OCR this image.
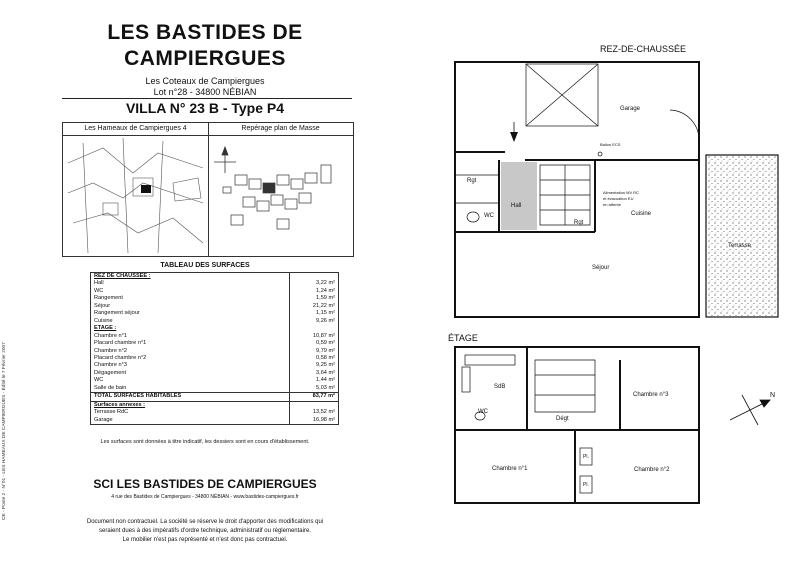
LES BASTIDES DE
CAMPIERGUES
Les Coteaux de Campiergues
Lot n°28 - 34800 NÉBIAN
VILLA N° 23 B - Type P4
Les Hameaux de Campiergues 4	Repérage plan de Masse
TABLEAU DES SURFACES
REZ DE CHAUSSEE :
Hall	3,22 m²
WC	1,24 m²
Rangement	1,59 m²
Séjour	21,22 m²
Rangement séjour	1,15 m²
Cuisine	9,26 m²
ETAGE :
Chambre n°1	10,87 m²
Placard chambre n°1	0,59 m²
Chambre n°2	9,79 m²
Placard chambre n°2	0,58 m²
Chambre n°3	9,25 m²
Dégagement	3,64 m²
WC	1,44 m²
Salle de bain	5,03 m²
TOTAL SURFACES HABITABLES	83,77 m²
Surfaces annexes :
Terrasse RdC	13,52 m²
Garage	16,98 m²
Les surfaces sont données à titre indicatif, les dessiers sont en cours d'établissement.
SCI LES BASTIDES DE CAMPIERGUES
4 rue des Bastides de Campiergues - 34800 NÉBIAN - www.bastides-campiergues.fr
Document non contractuel. La société se réserve le droit d'apporter des modifications qui
seraient dues à des impératifs d'ordre technique, administratif ou réglementaire.
Le mobilier n'est pas représenté et n'est donc pas contractuel.
CE - Poste 2 - N°01 - LES HAMEAUX DE CAMPIERGUES - Édité le 7 Février 2007
REZ-DE-CHAUSSÉE
Garage
Ballon ECS
Rgt
Hall
WC
Rgt
Alimentation MV RC
et évacuation EU
en attente
Cuisine
Séjour
Terrasse
ÉTAGE
SdB
WC
Dégt
Chambre n°3
Chambre n°1	Chambre n°2
Pl.
Pl.
N
